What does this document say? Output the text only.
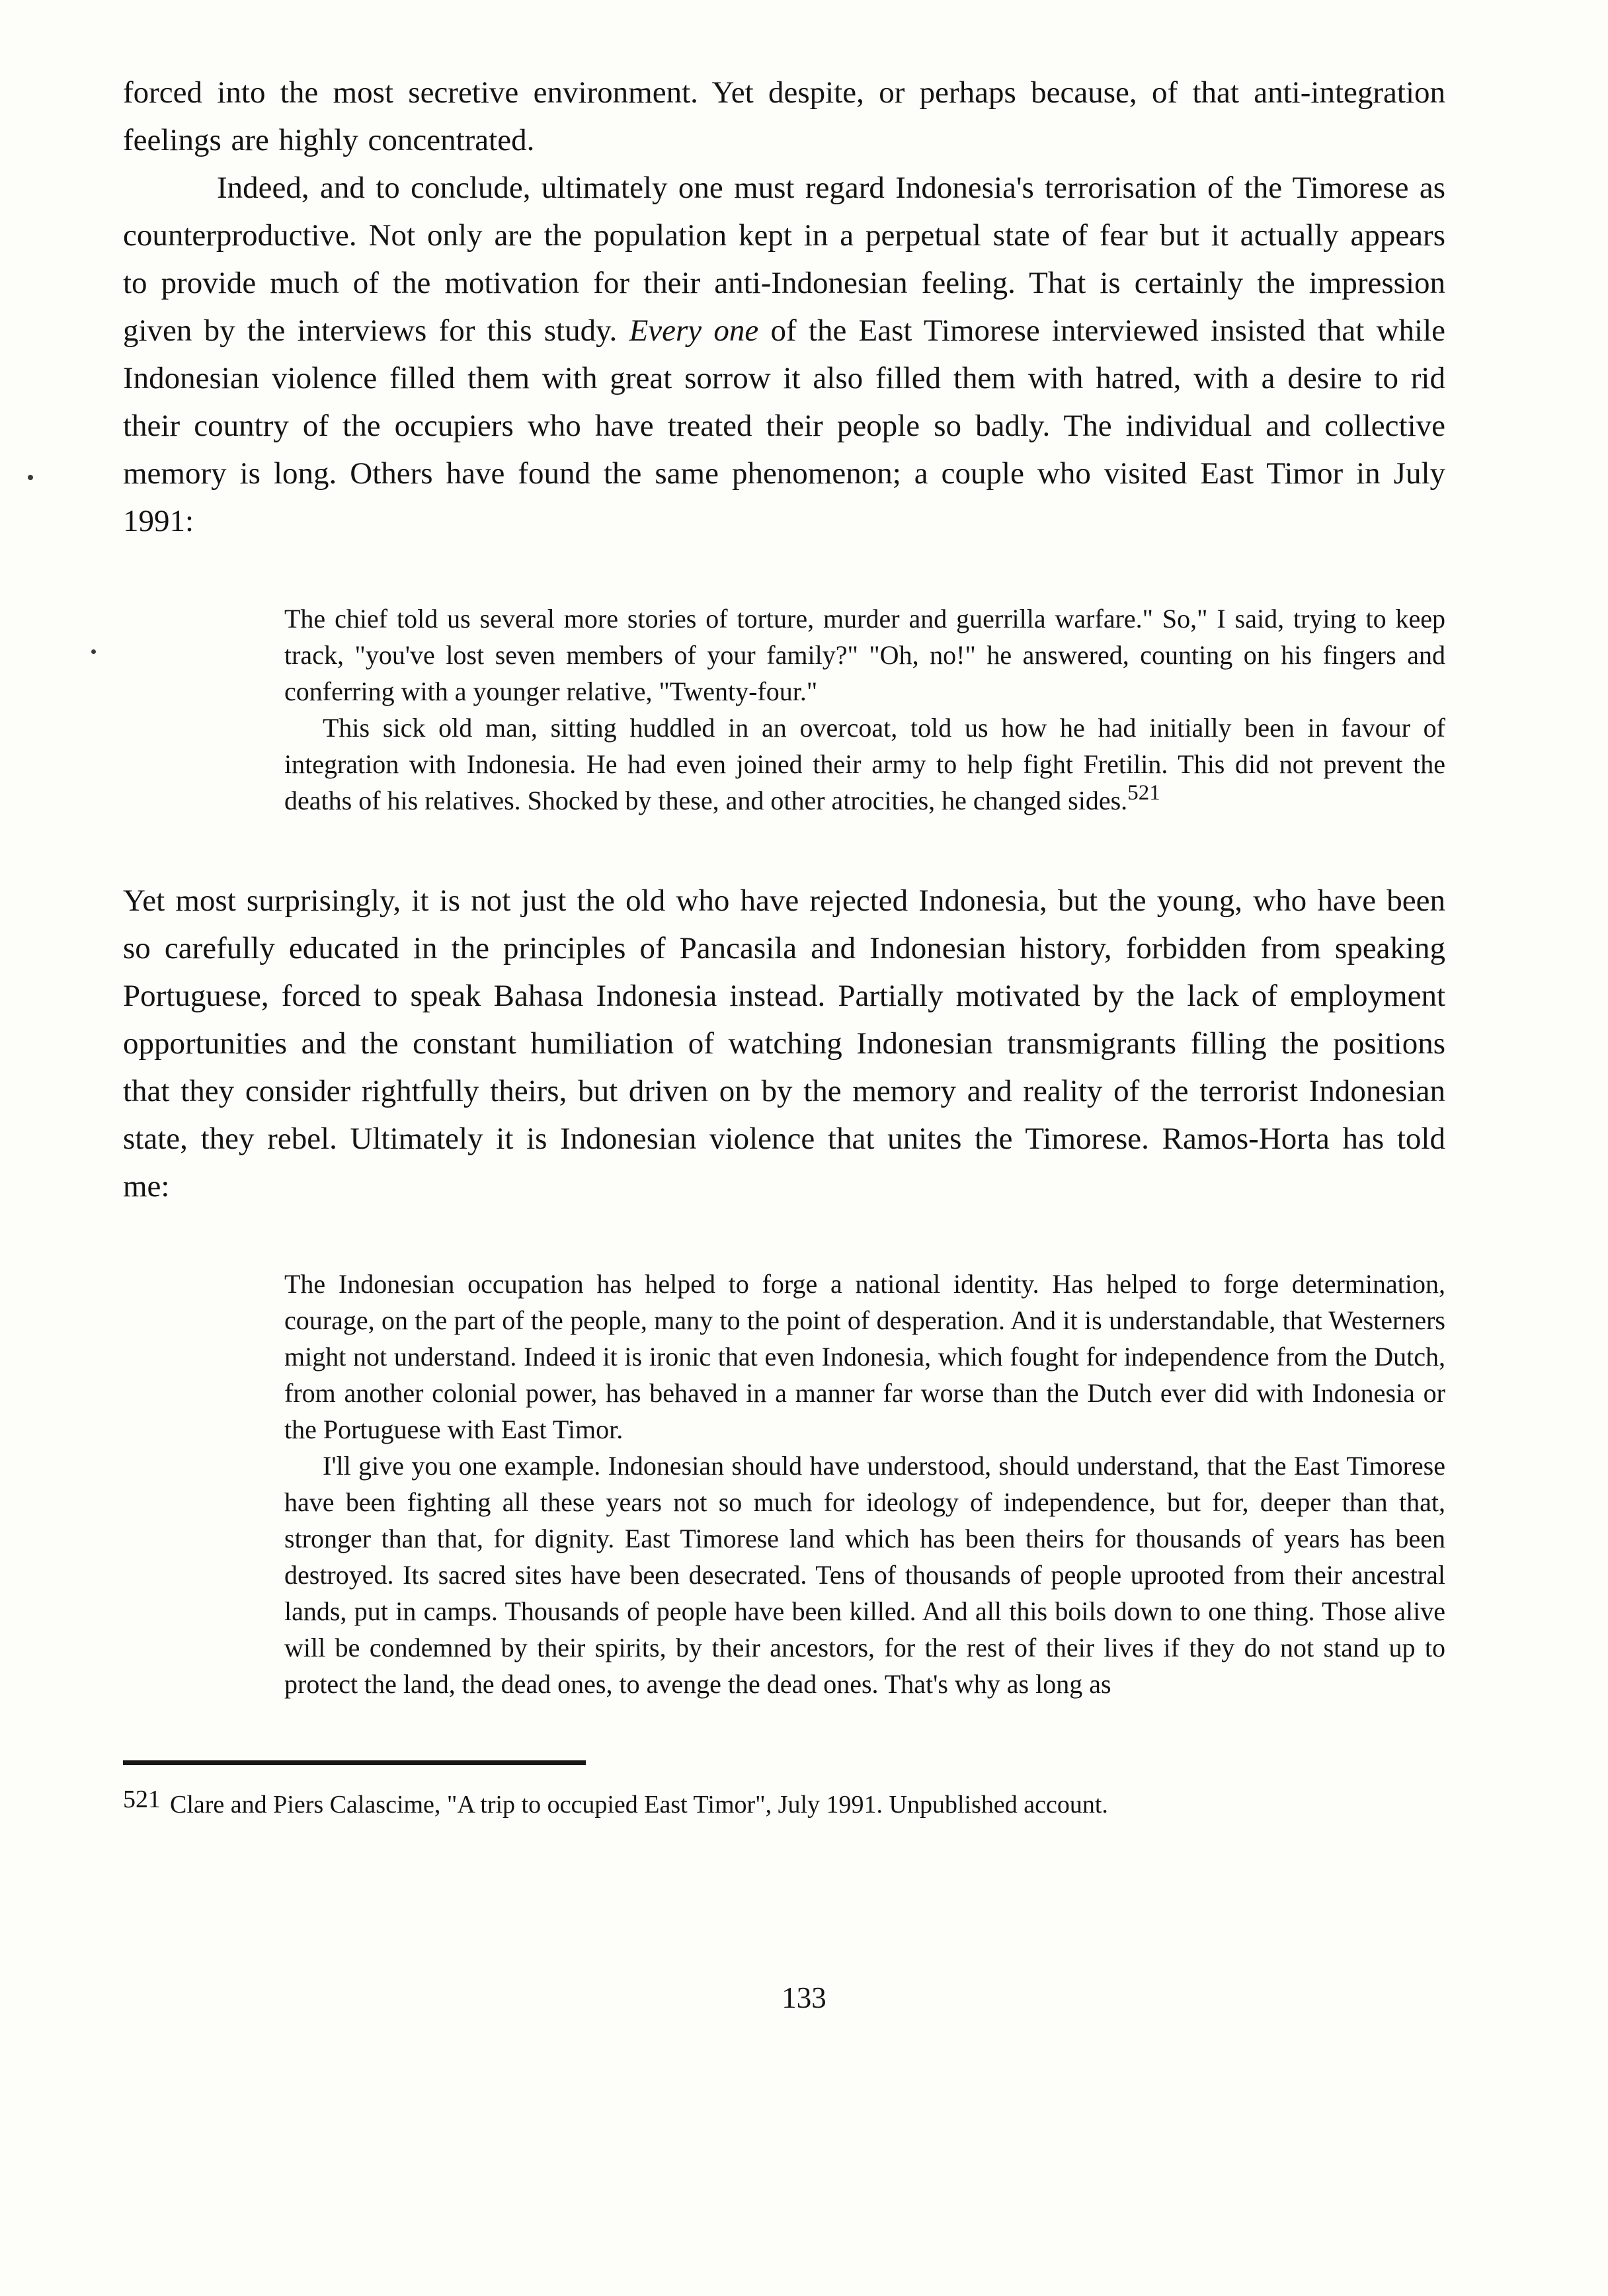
forced into the most secretive environment. Yet despite, or perhaps because, of that anti-integration feelings are highly concentrated.

Indeed, and to conclude, ultimately one must regard Indonesia's terrorisation of the Timorese as counterproductive. Not only are the population kept in a perpetual state of fear but it actually appears to provide much of the motivation for their anti-Indonesian feeling. That is certainly the impression given by the interviews for this study. Every one of the East Timorese interviewed insisted that while Indonesian violence filled them with great sorrow it also filled them with hatred, with a desire to rid their country of the occupiers who have treated their people so badly. The individual and collective memory is long. Others have found the same phenomenon; a couple who visited East Timor in July 1991:

The chief told us several more stories of torture, murder and guerrilla warfare." So," I said, trying to keep track, "you've lost seven members of your family?" "Oh, no!" he answered, counting on his fingers and conferring with a younger relative, "Twenty-four."

This sick old man, sitting huddled in an overcoat, told us how he had initially been in favour of integration with Indonesia. He had even joined their army to help fight Fretilin. This did not prevent the deaths of his relatives. Shocked by these, and other atrocities, he changed sides.$^{521}$

Yet most surprisingly, it is not just the old who have rejected Indonesia, but the young, who have been so carefully educated in the principles of Pancasila and Indonesian history, forbidden from speaking Portuguese, forced to speak Bahasa Indonesia instead. Partially motivated by the lack of employment opportunities and the constant humiliation of watching Indonesian transmigrants filling the positions that they consider rightfully theirs, but driven on by the memory and reality of the terrorist Indonesian state, they rebel. Ultimately it is Indonesian violence that unites the Timorese. Ramos-Horta has told me:

The Indonesian occupation has helped to forge a national identity. Has helped to forge determination, courage, on the part of the people, many to the point of desperation. And it is understandable, that Westerners might not understand. Indeed it is ironic that even Indonesia, which fought for independence from the Dutch, from another colonial power, has behaved in a manner far worse than the Dutch ever did with Indonesia or the Portuguese with East Timor.

I'll give you one example. Indonesian should have understood, should understand, that the East Timorese have been fighting all these years not so much for ideology of independence, but for, deeper than that, stronger than that, for dignity. East Timorese land which has been theirs for thousands of years has been destroyed. Its sacred sites have been desecrated. Tens of thousands of people uprooted from their ancestral lands, put in camps. Thousands of people have been killed. And all this boils down to one thing. Those alive will be condemned by their spirits, by their ancestors, for the rest of their lives if they do not stand up to protect the land, the dead ones, to avenge the dead ones. That's why as long as

521 Clare and Piers Calascime, "A trip to occupied East Timor", July 1991. Unpublished account.

133
